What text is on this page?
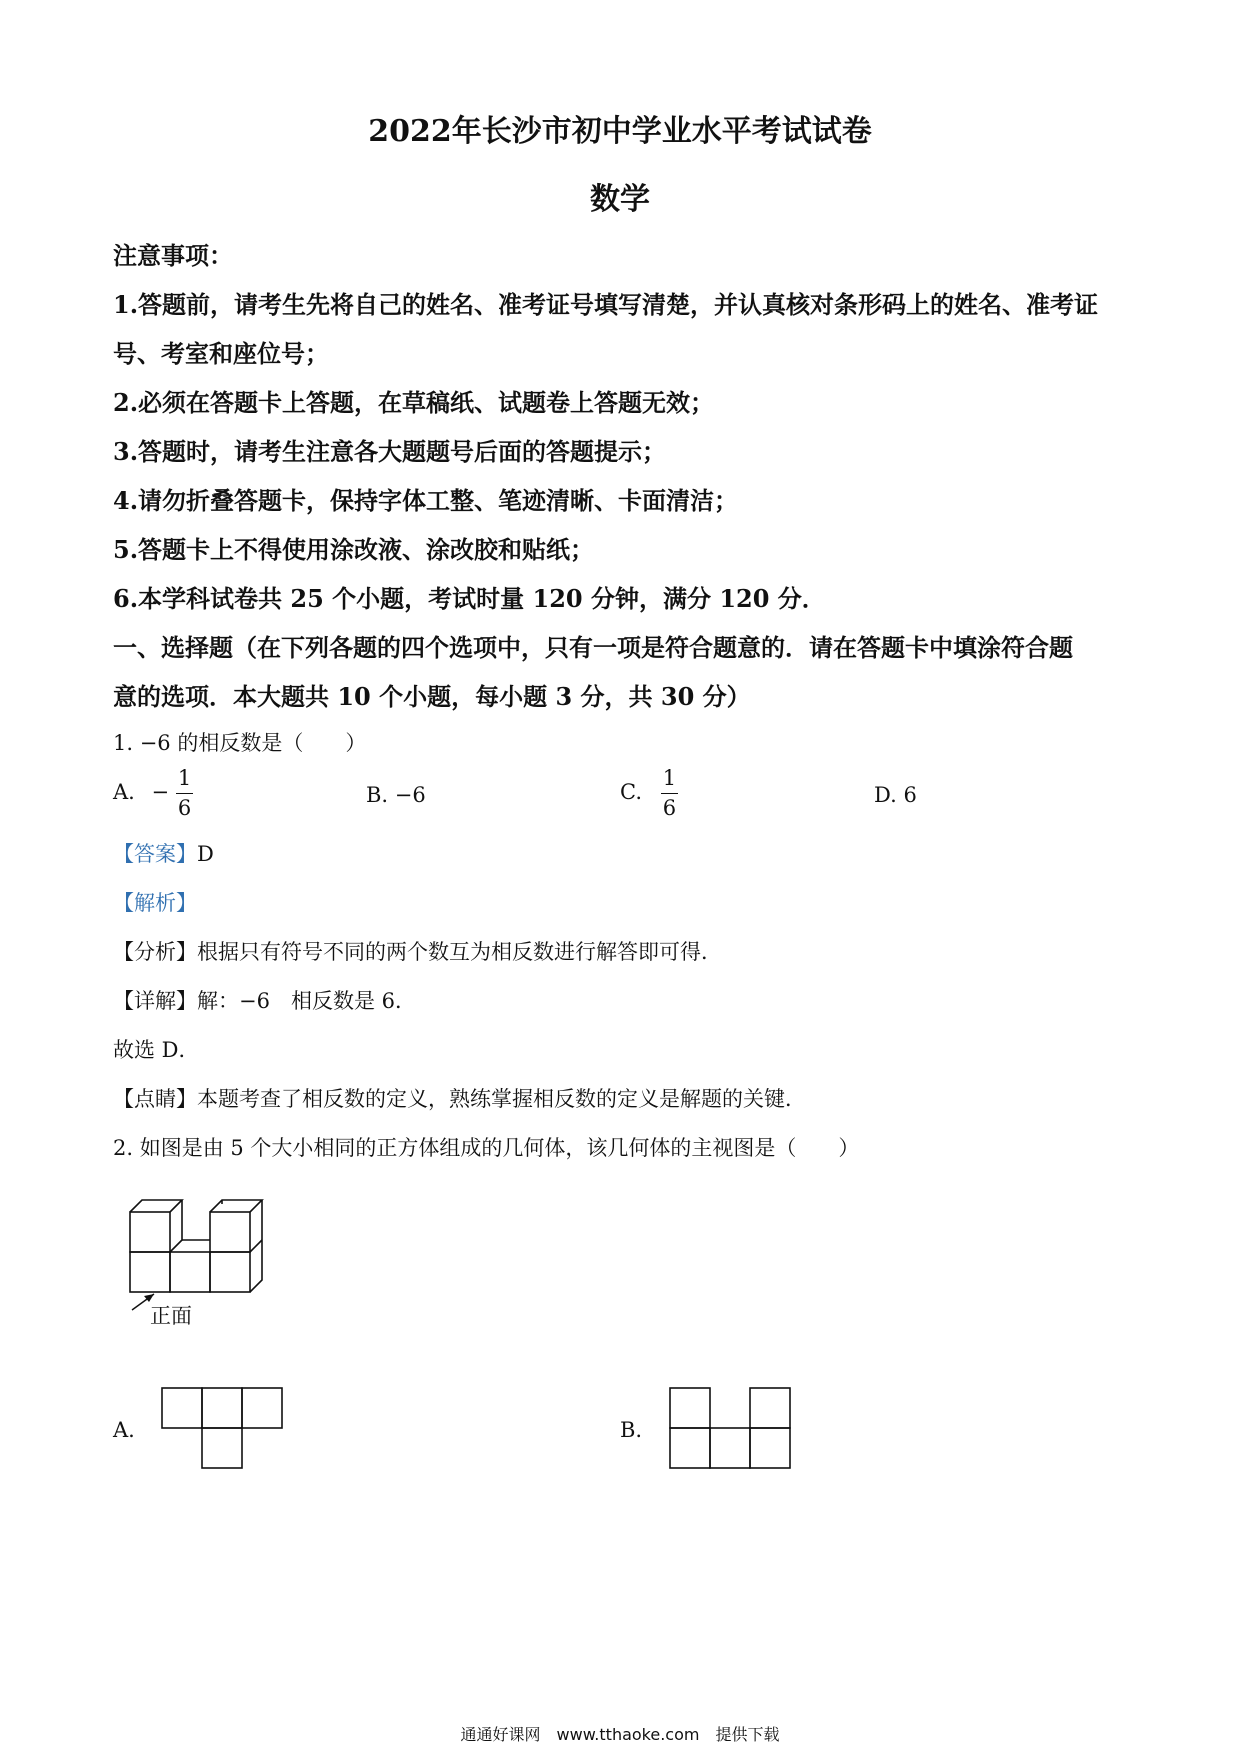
2022年长沙市初中学业水平考试试卷
数学
注意事项：
1.答题前，请考生先将自己的姓名、准考证号填写清楚，并认真核对条形码上的姓名、准考证
号、考室和座位号；
2.必须在答题卡上答题，在草稿纸、试题卷上答题无效；
3.答题时，请考生注意各大题题号后面的答题提示；
4.请勿折叠答题卡，保持字体工整、笔迹清晰、卡面清洁；
5.答题卡上不得使用涂改液、涂改胶和贴纸；
6.本学科试卷共 25 个小题，考试时量 120 分钟，满分 120 分．
一、选择题（在下列各题的四个选项中，只有一项是符合题意的．请在答题卡中填涂符合题
意的选项．本大题共 10 个小题，每小题 3 分，共 30 分）
1. −6 的相反数是（　　）
A. − $\frac{1}{6}$	B. −6	C. $\frac{1}{6}$	D. 6
【答案】D
【解析】
【分析】根据只有符号不同的两个数互为相反数进行解答即可得．
【详解】解：−6　相反数是 6．
故选 D．
【点睛】本题考查了相反数的定义，熟练掌握相反数的定义是解题的关键．
2. 如图是由 5 个大小相同的正方体组成的几何体，该几何体的主视图是（　　）
正面
A.	B.
通通好课网　www.tthaoke.com　提供下载
